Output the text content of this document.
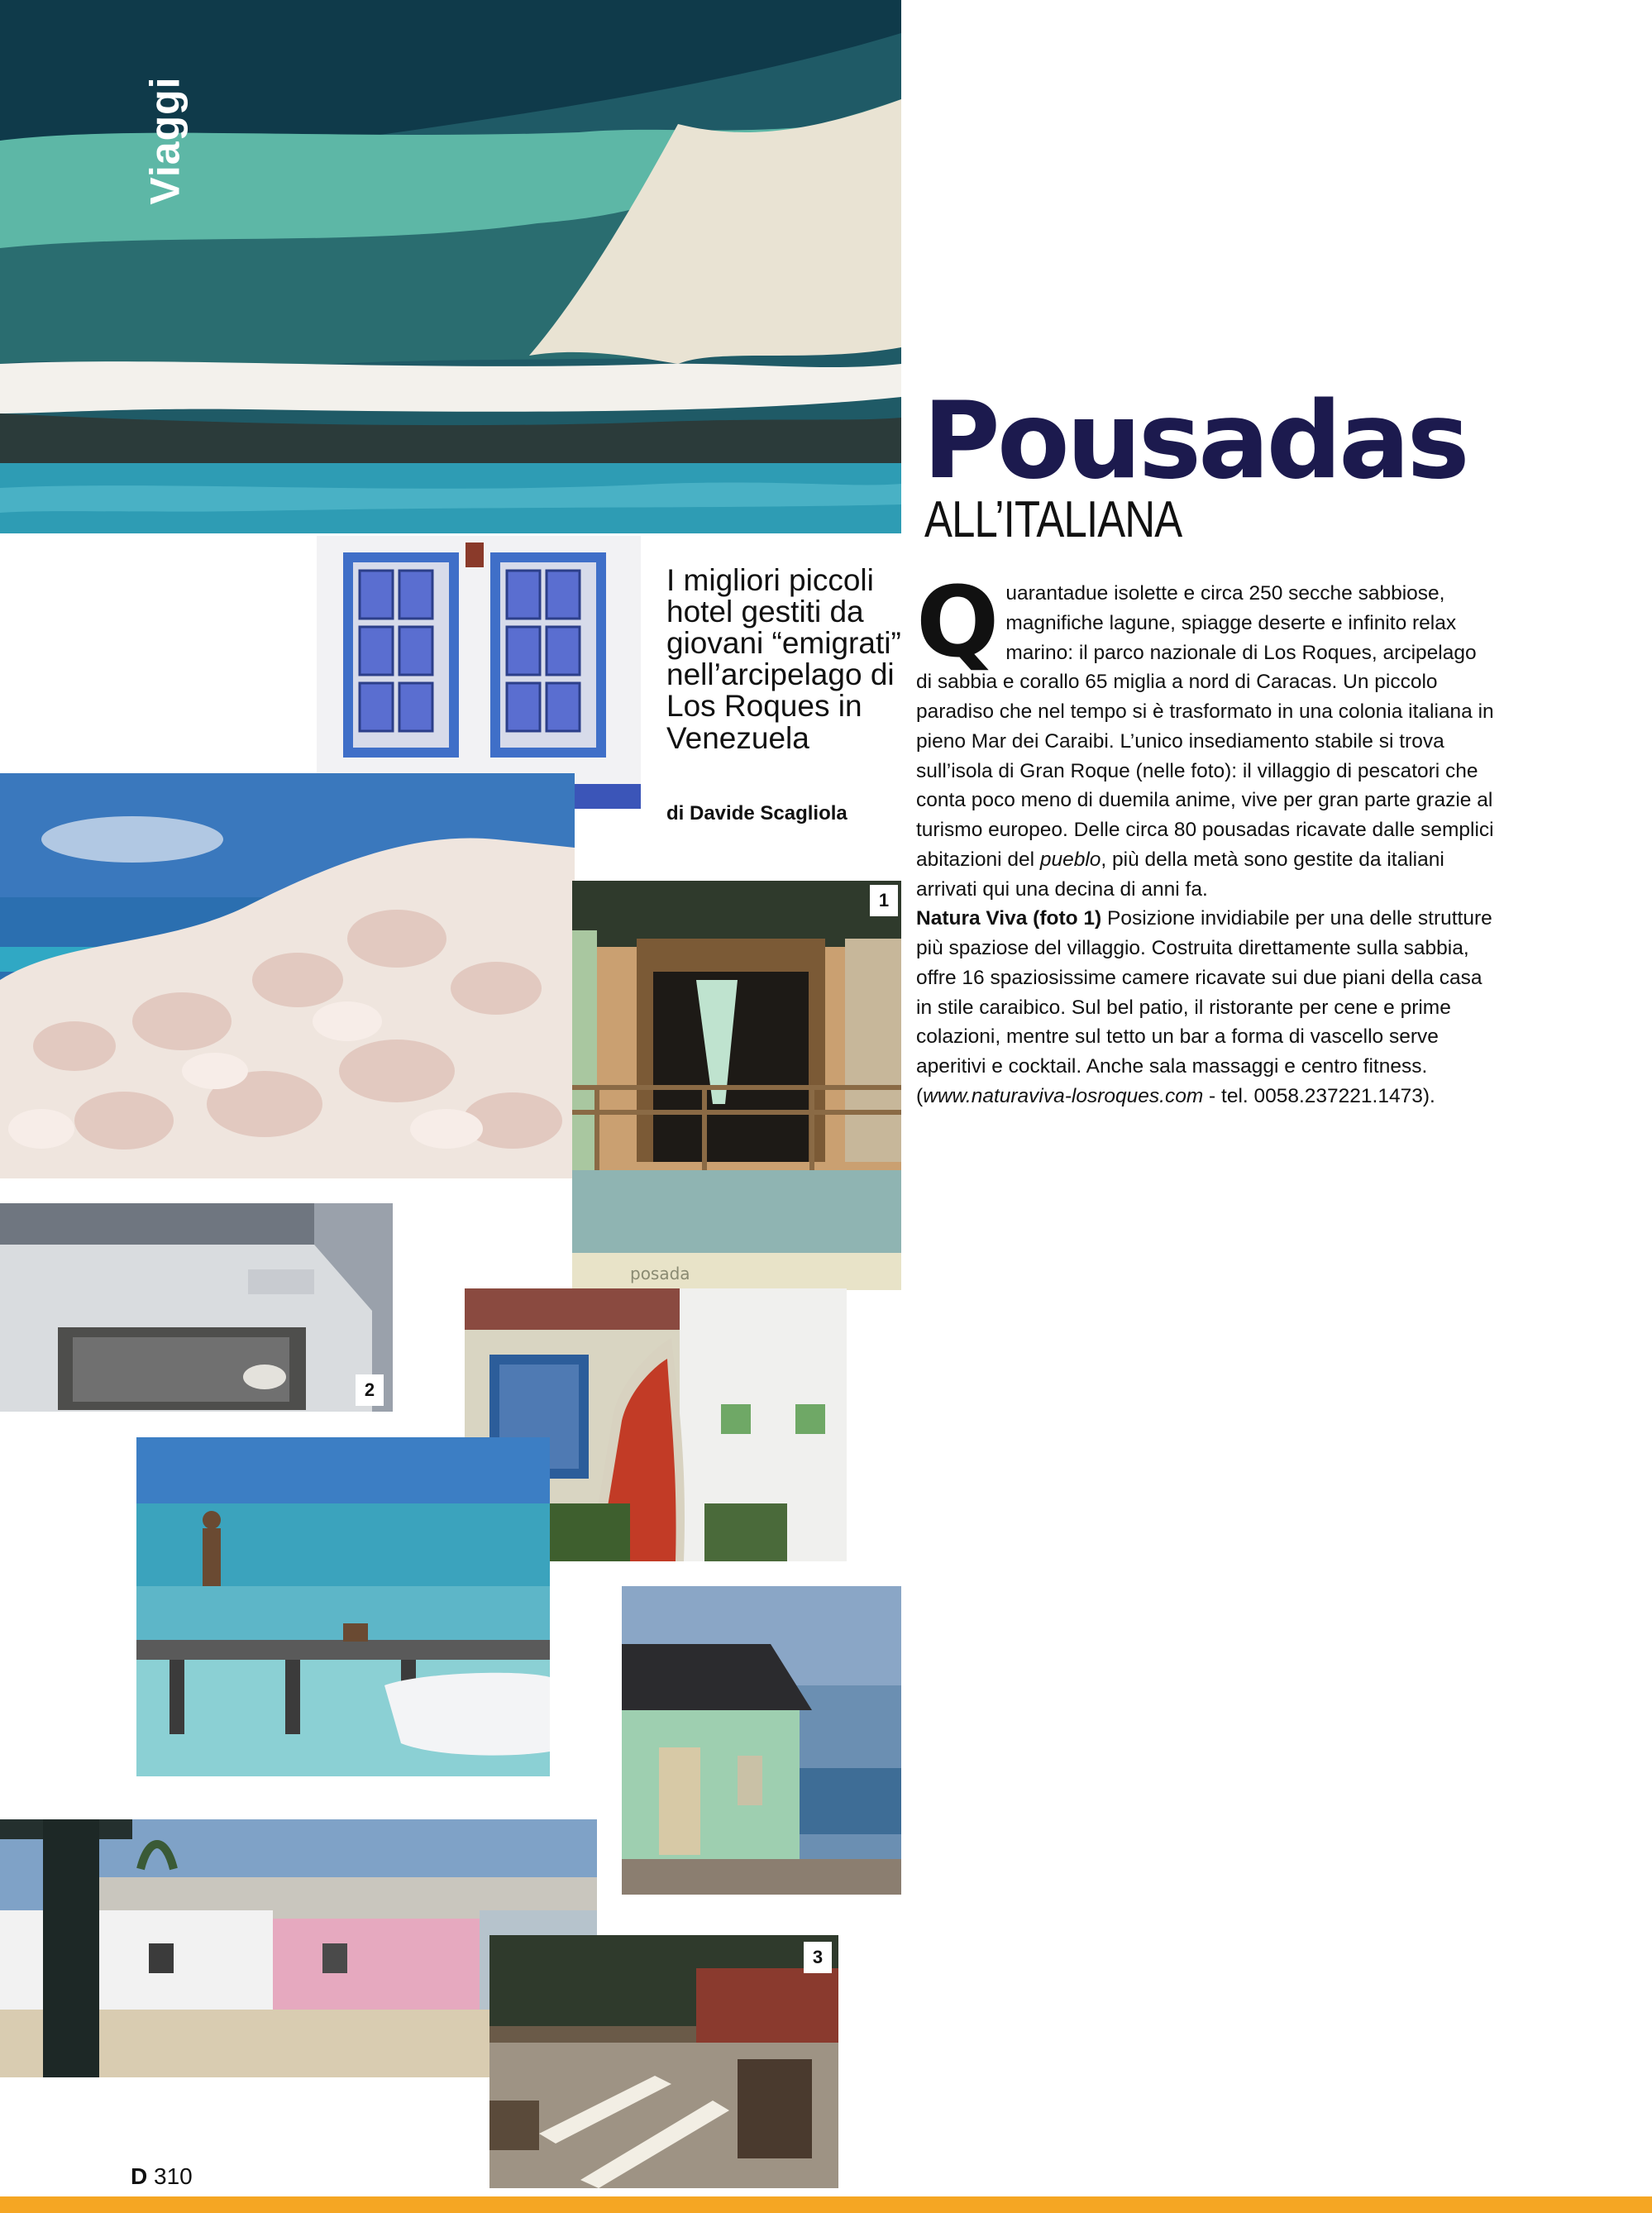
Viaggi
Pousadas

ALL’ITALIANA

I migliori piccoli hotel gestiti da giovani “emigrati” nell’arcipelago di Los Roques in Venezuela

di Davide Scagliola

Quarantadue isolette e circa 250 secche sabbiose, magnifiche lagune, spiagge deserte e infinito relax marino: il parco nazionale di Los Roques, arcipelago di sabbia e corallo 65 miglia a nord di Caracas. Un piccolo paradiso che nel tempo si è trasformato in una colonia italiana in pieno Mar dei Caraibi. L’unico insediamento stabile si trova sull’isola di Gran Roque (nelle foto): il villaggio di pescatori che conta poco meno di duemila anime, vive per gran parte grazie al turismo europeo. Delle circa 80 pousadas ricavate dalle semplici abitazioni del pueblo, più della metà sono gestite da italiani arrivati qui una decina di anni fa.

Natura Viva (foto 1) Posizione invidiabile per una delle strutture più spaziose del villaggio. Costruita direttamente sulla sabbia, offre 16 spaziosissime camere ricavate sui due piani della casa in stile caraibico. Sul bel patio, il ristorante per cene e prime colazioni, mentre sul tetto un bar a forma di vascello serve aperitivi e cocktail. Anche sala massaggi e centro fitness. (www.naturaviva-losroques.com - tel. 0058.237221.1473).

posada
1
2
3

D 310
